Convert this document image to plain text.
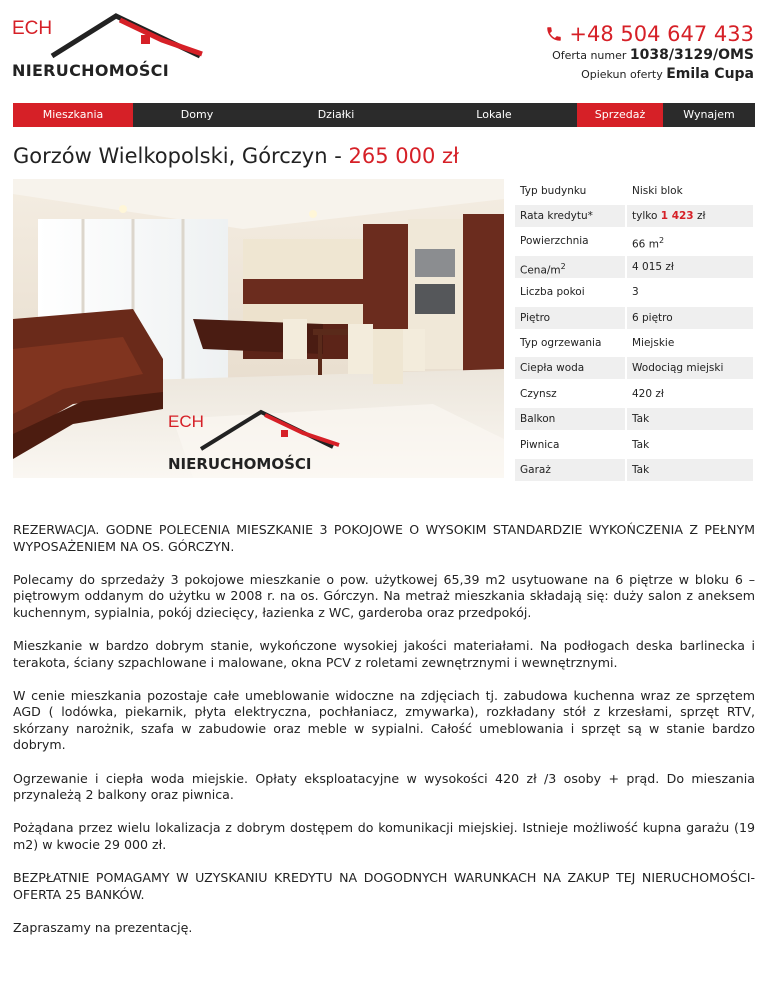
ECH
NIERUCHOMOŚCI
+48 504 647 433
Oferta numer 1038/3129/OMS
Opiekun oferty Emila Cupa
Mieszkania	Domy	Działki	Lokale	Sprzedaż	Wynajem
Gorzów Wielkopolski, Górczyn - 265 000 zł
ECH
NIERUCHOMOŚCI
Typ budynku	Niski blok
Rata kredytu*	tylko 1 423 zł
Powierzchnia	66 $m^2$
Cena/$m^2$	4 015 zł
Liczba pokoi	3
Piętro	6 piętro
Typ ogrzewania	Miejskie
Ciepła woda	Wodociąg miejski
Czynsz	420 zł
Balkon	Tak
Piwnica	Tak
Garaż	Tak

REZERWACJA. GODNE POLECENIA MIESZKANIE 3 POKOJOWE O WYSOKIM STANDARDZIE WYKOŃCZENIA Z PEŁNYM WYPOSAŻENIEM NA OS. GÓRCZYN.

Polecamy do sprzedaży 3 pokojowe mieszkanie o pow. użytkowej 65,39 m2 usytuowane na 6 piętrze w bloku 6 – piętrowym oddanym do użytku w 2008 r. na os. Górczyn. Na metraż mieszkania składają się: duży salon z aneksem kuchennym, sypialnia, pokój dziecięcy, łazienka z WC, garderoba oraz przedpokój.

Mieszkanie w bardzo dobrym stanie, wykończone wysokiej jakości materiałami. Na podłogach deska barlinecka i terakota, ściany szpachlowane i malowane, okna PCV z roletami zewnętrznymi i wewnętrznymi.

W cenie mieszkania pozostaje całe umeblowanie widoczne na zdjęciach tj. zabudowa kuchenna wraz ze sprzętem AGD ( lodówka, piekarnik, płyta elektryczna, pochłaniacz, zmywarka), rozkładany stół z krzesłami, sprzęt RTV, skórzany narożnik, szafa w zabudowie oraz meble w sypialni. Całość umeblowania i sprzęt są w stanie bardzo dobrym.

Ogrzewanie i ciepła woda miejskie. Opłaty eksploatacyjne w wysokości 420 zł /3 osoby + prąd. Do mieszania przynależą 2 balkony oraz piwnica.

Pożądana przez wielu lokalizacja z dobrym dostępem do komunikacji miejskiej. Istnieje możliwość kupna garażu (19 m2) w kwocie 29 000 zł.

BEZPŁATNIE POMAGAMY W UZYSKANIU KREDYTU NA DOGODNYCH WARUNKACH NA ZAKUP TEJ NIERUCHOMOŚCI- OFERTA 25 BANKÓW.

Zapraszamy na prezentację.
